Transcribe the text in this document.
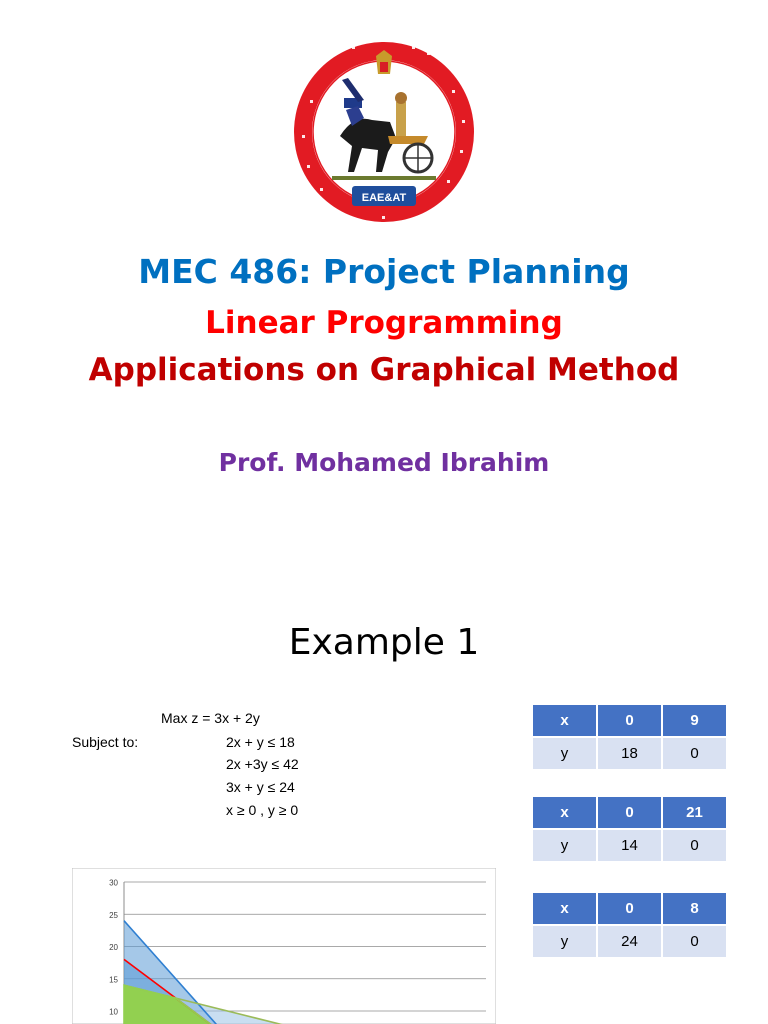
EAE&AT
MEC 486: Project Planning
Linear Programming
Applications on Graphical Method
Prof. Mohamed Ibrahim
Example 1
Max z = 3x + 2y
Subject to:	2x + y ≤ 18
2x +3y ≤ 42
3x + y ≤ 24
x ≥ 0 , y ≥ 0
x	0	9
y	18	0
x	0	21
y	14	0
x	0	8
y	24	0
30
25
20
15
10
